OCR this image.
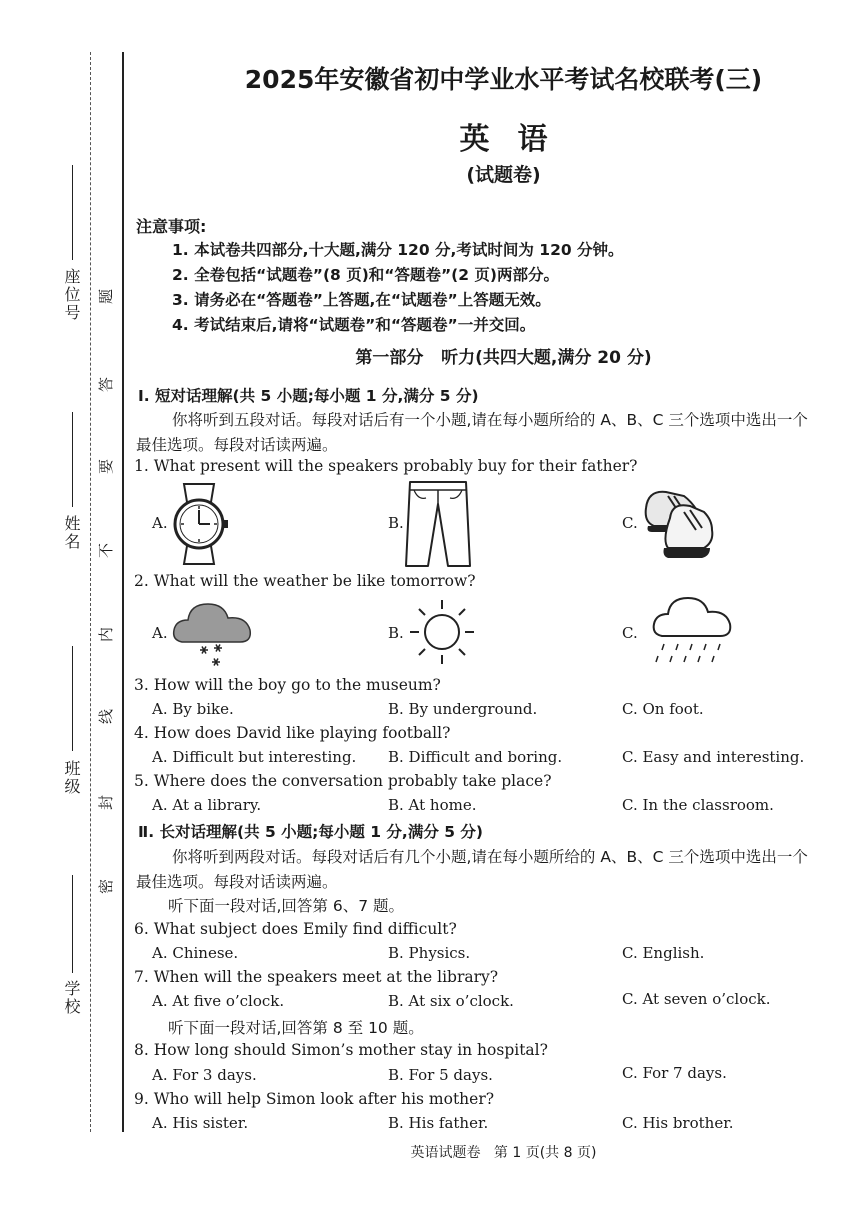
座位号
姓名
班级
学校
题
答
要
不
内
线
封
密
2025年安徽省初中学业水平考试名校联考(三)
英语
(试题卷)
注意事项:
1. 本试卷共四部分,十大题,满分 120 分,考试时间为 120 分钟。
2. 全卷包括“试题卷”(8 页)和“答题卷”(2 页)两部分。
3. 请务必在“答题卷”上答题,在“试题卷”上答题无效。
4. 考试结束后,请将“试题卷”和“答题卷”一并交回。
第一部分   听力(共四大题,满分 20 分)
Ⅰ. 短对话理解(共 5 小题;每小题 1 分,满分 5 分)
你将听到五段对话。每段对话后有一个小题,请在每小题所给的 A、B、C 三个选项中选出一个
最佳选项。每段对话读两遍。
1. What present will the speakers probably buy for their father?
A.	B.	C.
2. What will the weather be like tomorrow?
A.	B.	C.
3. How will the boy go to the museum?
A. By bike.	B. By underground.	C. On foot.
4. How does David like playing football?
A. Difficult but interesting. B. Difficult and boring.	C. Easy and interesting.
5. Where does the conversation probably take place?
A. At a library.	B. At home.	C. In the classroom.
Ⅱ. 长对话理解(共 5 小题;每小题 1 分,满分 5 分)
你将听到两段对话。每段对话后有几个小题,请在每小题所给的 A、B、C 三个选项中选出一个
最佳选项。每段对话读两遍。
听下面一段对话,回答第 6、7 题。
6. What subject does Emily find difficult?
A. Chinese.	B. Physics.	C. English.
7. When will the speakers meet at the library?
A. At five o’clock.	B. At six o’clock.	C. At seven o’clock.
听下面一段对话,回答第 8 至 10 题。
8. How long should Simon’s mother stay in hospital?
A. For 3 days.	B. For 5 days.	C. For 7 days.
9. Who will help Simon look after his mother?
A. His sister.	B. His father.	C. His brother.
英语试题卷   第 1 页(共 8 页)
